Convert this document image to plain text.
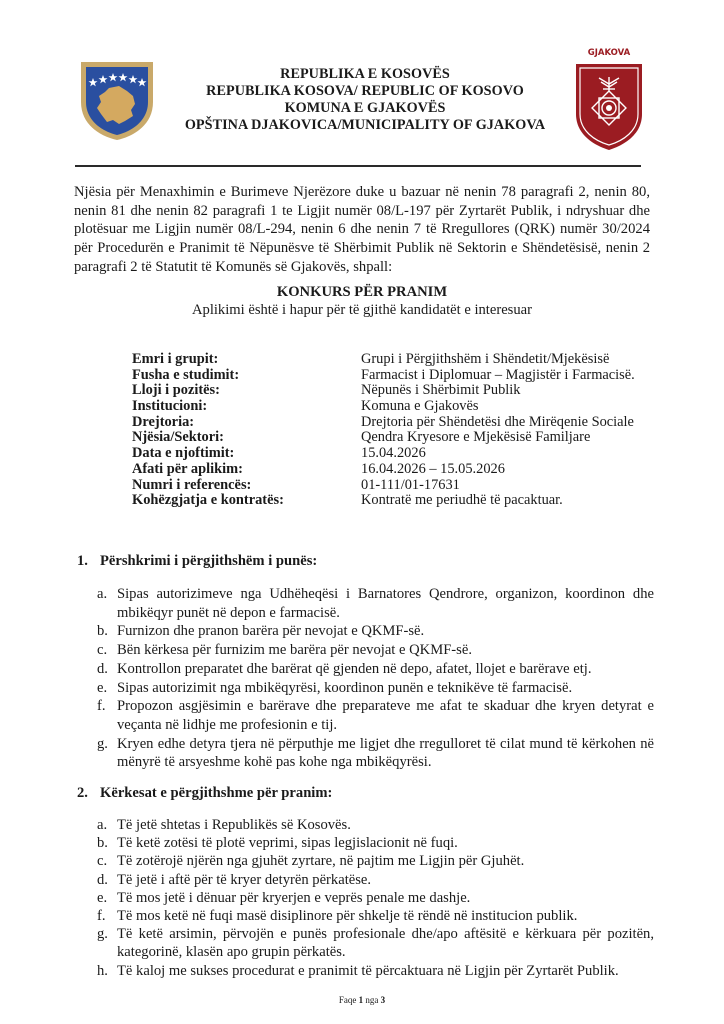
REPUBLIKA E KOSOVËS
REPUBLIKA KOSOVA/ REPUBLIC OF KOSOVO
KOMUNA E GJAKOVËS
OPŠTINA DJAKOVICA/MUNICIPALITY OF GJAKOVA
GJAKOVA
Njësia për Menaxhimin e Burimeve Njerëzore duke u bazuar në nenin 78 paragrafi 2, nenin 80, nenin 81 dhe nenin 82 paragrafi 1 te Ligjit numër 08/L-197 për Zyrtarët Publik, i ndryshuar dhe plotësuar me Ligjin numër 08/L-294, nenin 6 dhe nenin 7 të Rregullores (QRK) numër 30/2024 për Procedurën e Pranimit të Nëpunësve të Shërbimit Publik në Sektorin e Shëndetësisë, nenin 2 paragrafi 2 të Statutit të Komunës së Gjakovës, shpall:
KONKURS PËR PRANIM
Aplikimi është i hapur për të gjithë kandidatët e interesuar
Emri i grupit:	Grupi i Përgjithshëm i Shëndetit/Mjekësisë
Fusha e studimit:	Farmacist i Diplomuar – Magjistër i Farmacisë.
Lloji i pozitës:	Nëpunës i Shërbimit Publik
Institucioni:	Komuna e Gjakovës
Drejtoria:	Drejtoria për Shëndetësi dhe Mirëqenie Sociale
Njësia/Sektori:	Qendra Kryesore e Mjekësisë Familjare
Data e njoftimit:	15.04.2026
Afati për aplikim:	16.04.2026 – 15.05.2026
Numri i referencës:	01-111/01-17631
Kohëzgjatja e kontratës:	Kontratë me periudhë të pacaktuar.
1. Përshkrimi i përgjithshëm i punës:
a. Sipas autorizimeve nga Udhëheqësi i Barnatores Qendrore, organizon, koordinon dhe mbikëqyr punët në depon e farmacisë.
b. Furnizon dhe pranon barëra për nevojat e QKMF-së.
c. Bën kërkesa për furnizim me barëra për nevojat e QKMF-së.
d. Kontrollon preparatet dhe barërat që gjenden në depo, afatet, llojet e barërave etj.
e. Sipas autorizimit nga mbikëqyrësi, koordinon punën e teknikëve të farmacisë.
f. Propozon asgjësimin e barërave dhe preparateve me afat te skaduar dhe kryen detyrat e veçanta në lidhje me profesionin e tij.
g. Kryen edhe detyra tjera në përputhje me ligjet dhe rregulloret të cilat mund të kërkohen në mënyrë të arsyeshme kohë pas kohe nga mbikëqyrësi.
2. Kërkesat e përgjithshme për pranim:
a. Të jetë shtetas i Republikës së Kosovës.
b. Të ketë zotësi të plotë veprimi, sipas legjislacionit në fuqi.
c. Të zotërojë njërën nga gjuhët zyrtare, në pajtim me Ligjin për Gjuhët.
d. Të jetë i aftë për të kryer detyrën përkatëse.
e. Të mos jetë i dënuar për kryerjen e veprës penale me dashje.
f. Të mos ketë në fuqi masë disiplinore për shkelje të rëndë në institucion publik.
g. Të ketë arsimin, përvojën e punës profesionale dhe/apo aftësitë e kërkuara për pozitën, kategorinë, klasën apo grupin përkatës.
h. Të kaloj me sukses procedurat e pranimit të përcaktuara në Ligjin për Zyrtarët Publik.
Faqe 1 nga 3
